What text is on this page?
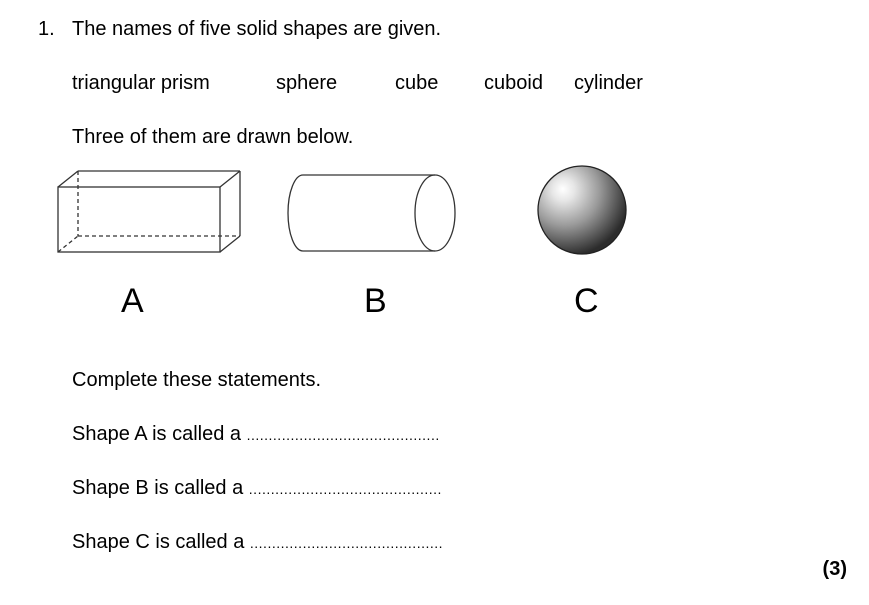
1. The names of five solid shapes are given.
triangular prism	sphere	cube cuboid cylinder
Three of them are drawn below.
A	B	C
Complete these statements.
Shape A is called a ............................................
Shape B is called a ............................................
Shape C is called a ............................................
(3)
